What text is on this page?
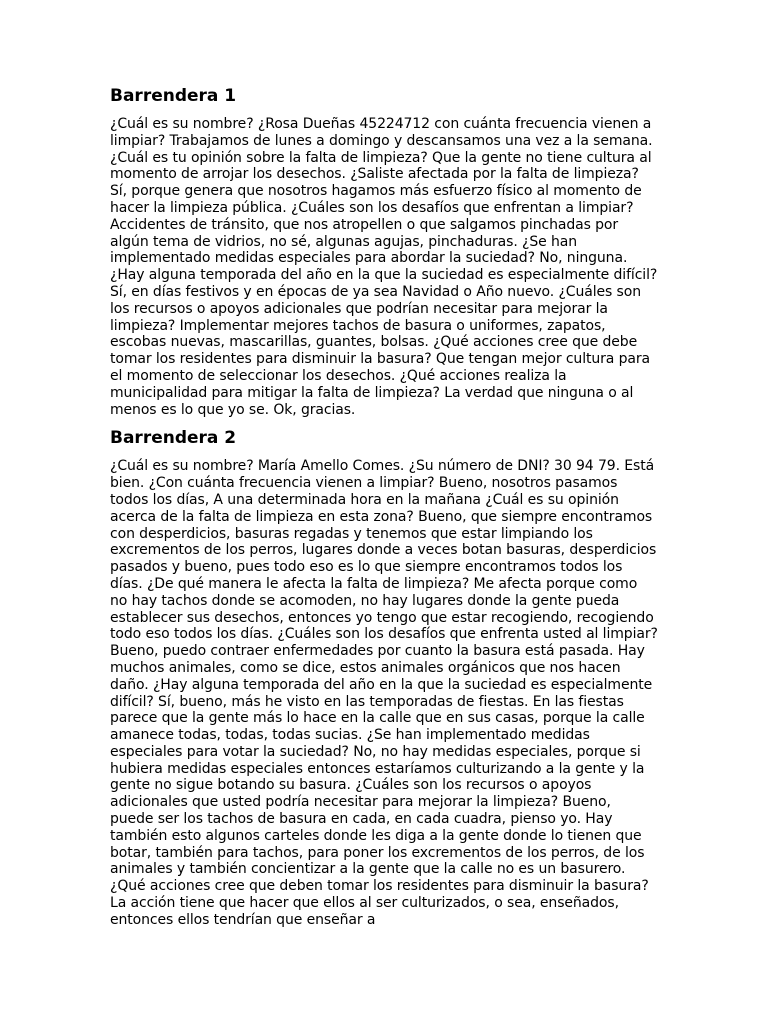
Barrendera 1

¿Cuál es su nombre? ¿Rosa Dueñas 45224712 con cuánta frecuencia vienen a limpiar? Trabajamos de lunes a domingo y descansamos una vez a la semana. ¿Cuál es tu opinión sobre la falta de limpieza? Que la gente no tiene cultura al momento de arrojar los desechos. ¿Saliste afectada por la falta de limpieza? Sí, porque genera que nosotros hagamos más esfuerzo físico al momento de hacer la limpieza pública. ¿Cuáles son los desafíos que enfrentan a limpiar? Accidentes de tránsito, que nos atropellen o que salgamos pinchadas por algún tema de vidrios, no sé, algunas agujas, pinchaduras. ¿Se han implementado medidas especiales para abordar la suciedad? No, ninguna. ¿Hay alguna temporada del año en la que la suciedad es especialmente difícil? Sí, en días festivos y en épocas de ya sea Navidad o Año nuevo. ¿Cuáles son los recursos o apoyos adicionales que podrían necesitar para mejorar la limpieza? Implementar mejores tachos de basura o uniformes, zapatos, escobas nuevas, mascarillas, guantes, bolsas. ¿Qué acciones cree que debe tomar los residentes para disminuir la basura? Que tengan mejor cultura para el momento de seleccionar los desechos. ¿Qué acciones realiza la municipalidad para mitigar la falta de limpieza? La verdad que ninguna o al menos es lo que yo se. Ok, gracias.

Barrendera 2

¿Cuál es su nombre? María Amello Comes. ¿Su número de DNI? 30 94 79. Está bien. ¿Con cuánta frecuencia vienen a limpiar? Bueno, nosotros pasamos todos los días, A una determinada hora en la mañana ¿Cuál es su opinión acerca de la falta de limpieza en esta zona? Bueno, que siempre encontramos con desperdicios, basuras regadas y tenemos que estar limpiando los excrementos de los perros, lugares donde a veces botan basuras, desperdicios pasados y bueno, pues todo eso es lo que siempre encontramos todos los días. ¿De qué manera le afecta la falta de limpieza? Me afecta porque como no hay tachos donde se acomoden, no hay lugares donde la gente pueda establecer sus desechos, entonces yo tengo que estar recogiendo, recogiendo todo eso todos los días. ¿Cuáles son los desafíos que enfrenta usted al limpiar? Bueno, puedo contraer enfermedades por cuanto la basura está pasada. Hay muchos animales, como se dice, estos animales orgánicos que nos hacen daño. ¿Hay alguna temporada del año en la que la suciedad es especialmente difícil? Sí, bueno, más he visto en las temporadas de fiestas. En las fiestas parece que la gente más lo hace en la calle que en sus casas, porque la calle amanece todas, todas, todas sucias. ¿Se han implementado medidas especiales para votar la suciedad? No, no hay medidas especiales, porque si hubiera medidas especiales entonces estaríamos culturizando a la gente y la gente no sigue botando su basura. ¿Cuáles son los recursos o apoyos adicionales que usted podría necesitar para mejorar la limpieza? Bueno, puede ser los tachos de basura en cada, en cada cuadra, pienso yo. Hay también esto algunos carteles donde les diga a la gente donde lo tienen que botar, también para tachos, para poner los excrementos de los perros, de los animales y también concientizar a la gente que la calle no es un basurero. ¿Qué acciones cree que deben tomar los residentes para disminuir la basura? La acción tiene que hacer que ellos al ser culturizados, o sea, enseñados, entonces ellos tendrían que enseñar a
